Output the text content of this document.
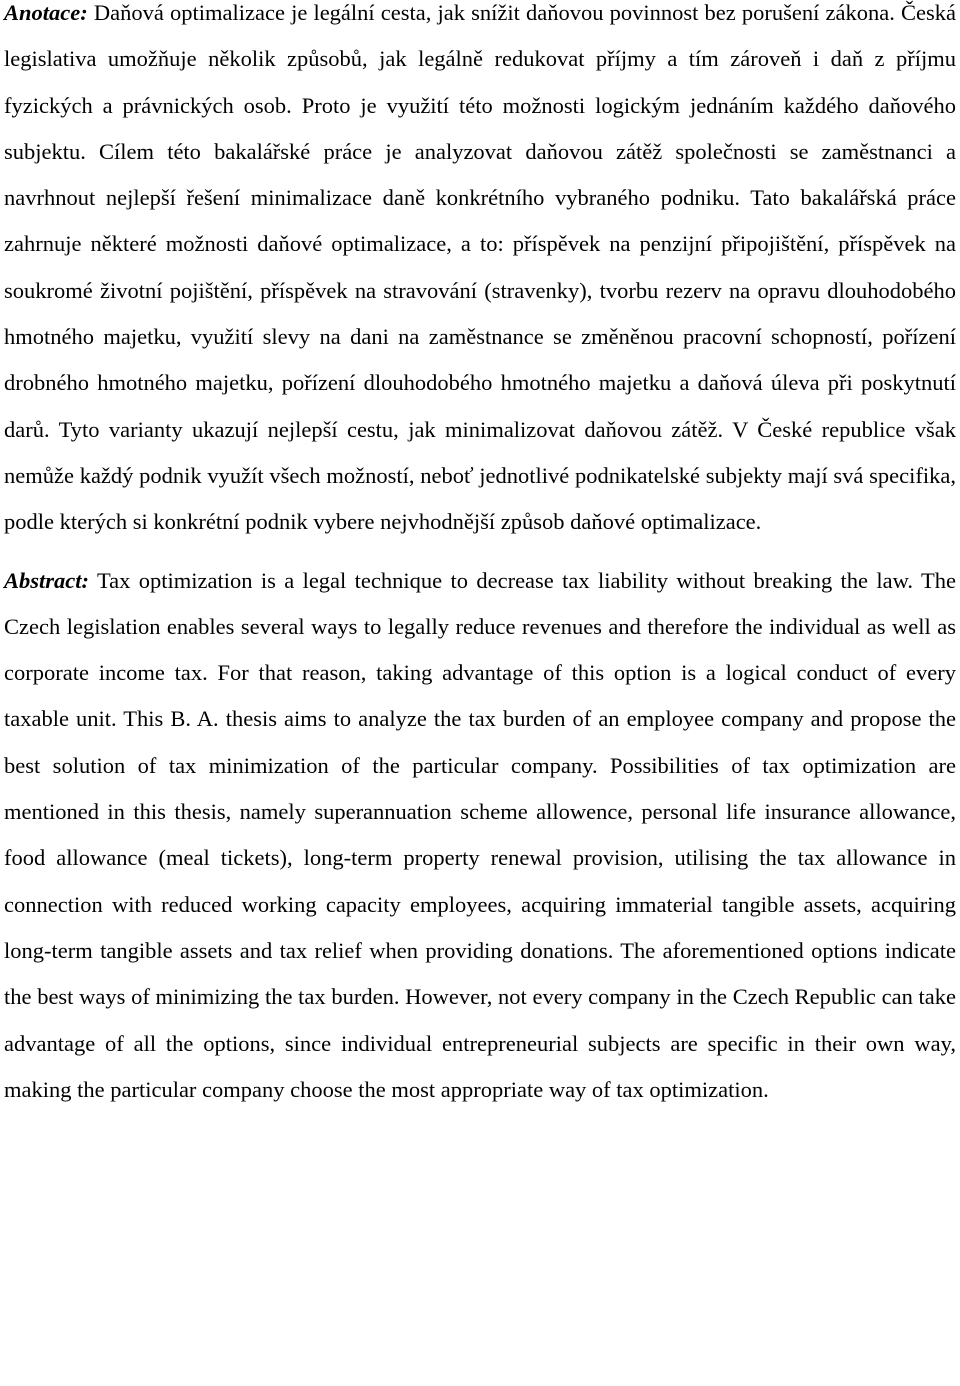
Anotace: Daňová optimalizace je legální cesta, jak snížit daňovou povinnost bez porušení zákona. Česká legislativa umožňuje několik způsobů, jak legálně redukovat příjmy a tím zároveň i daň z příjmu fyzických a právnických osob. Proto je využití této možnosti logickým jednáním každého daňového subjektu. Cílem této bakalářské práce je analyzovat daňovou zátěž společnosti se zaměstnanci a navrhnout nejlepší řešení minimalizace daně konkrétního vybraného podniku. Tato bakalářská práce zahrnuje některé možnosti daňové optimalizace, a to: příspěvek na penzijní připojištění, příspěvek na soukromé životní pojištění, příspěvek na stravování (stravenky), tvorbu rezerv na opravu dlouhodobého hmotného majetku, využití slevy na dani na zaměstnance se změněnou pracovní schopností, pořízení drobného hmotného majetku, pořízení dlouhodobého hmotného majetku a daňová úleva při poskytnutí darů. Tyto varianty ukazují nejlepší cestu, jak minimalizovat daňovou zátěž. V České republice však nemůže každý podnik využít všech možností, neboť jednotlivé podnikatelské subjekty mají svá specifika, podle kterých si konkrétní podnik vybere nejvhodnější způsob daňové optimalizace.

Abstract: Tax optimization is a legal technique to decrease tax liability without breaking the law. The Czech legislation enables several ways to legally reduce revenues and therefore the individual as well as corporate income tax. For that reason, taking advantage of this option is a logical conduct of every taxable unit. This B. A. thesis aims to analyze the tax burden of an employee company and propose the best solution of tax minimization of the particular company. Possibilities of tax optimization are mentioned in this thesis, namely superannuation scheme allowence, personal life insurance allowance, food allowance (meal tickets), long-term property renewal provision, utilising the tax allowance in connection with reduced working capacity employees, acquiring immaterial tangible assets, acquiring long-term tangible assets and tax relief when providing donations. The aforementioned options indicate the best ways of minimizing the tax burden. However, not every company in the Czech Republic can take advantage of all the options, since individual entrepreneurial subjects are specific in their own way, making the particular company choose the most appropriate way of tax optimization.
